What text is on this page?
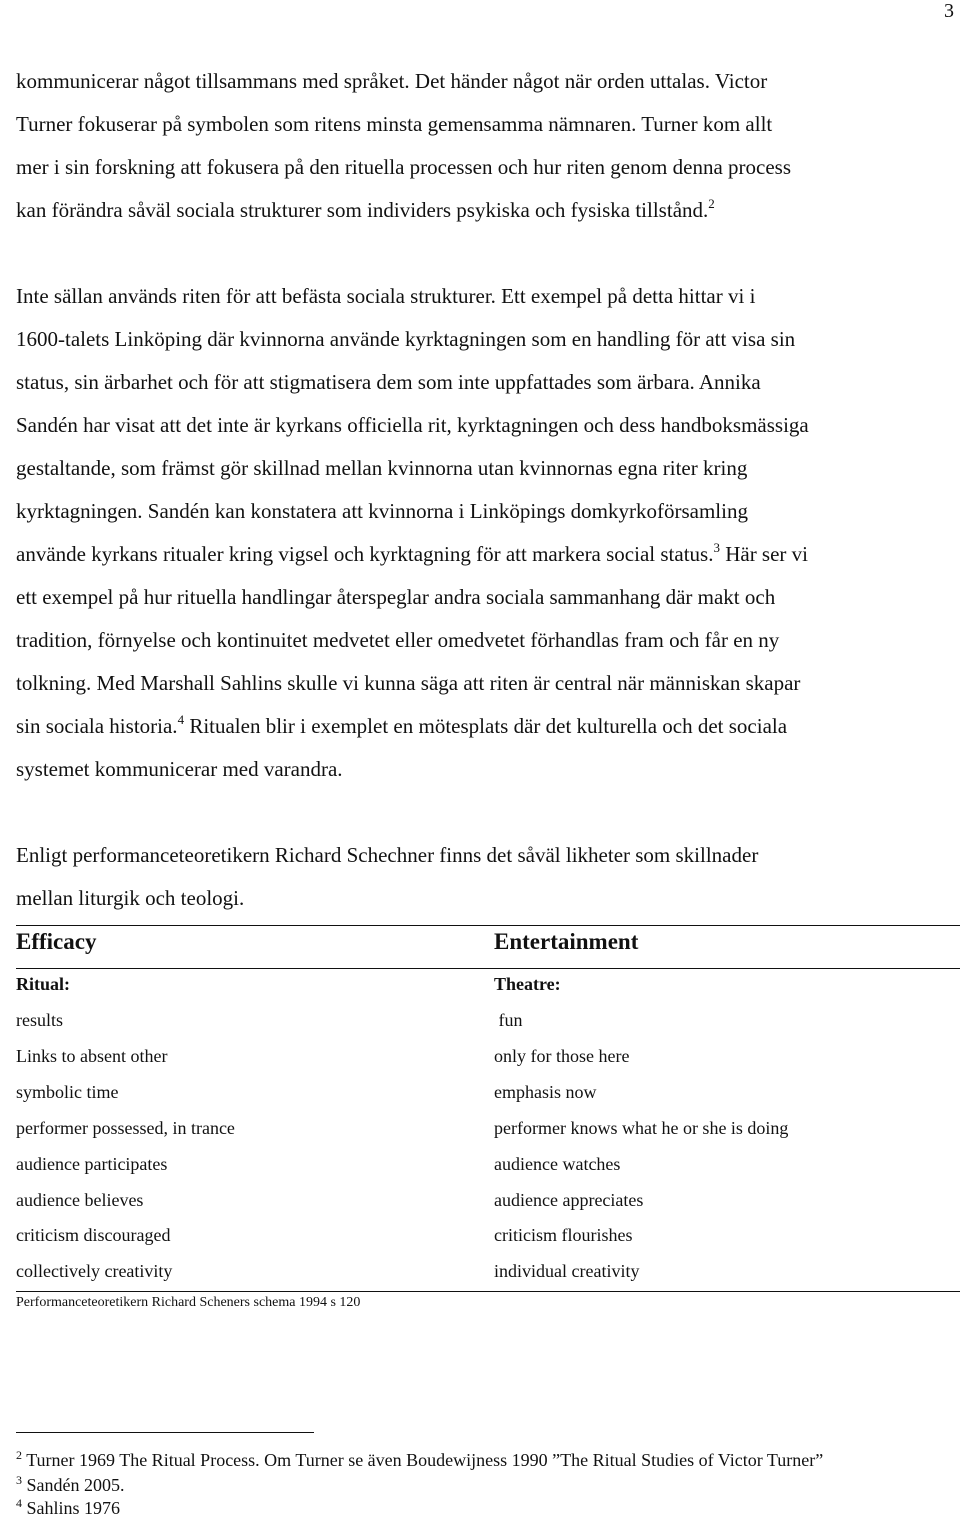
3

kommunicerar något tillsammans med språket. Det händer något när orden uttalas. Victor
Turner fokuserar på symbolen som ritens minsta gemensamma nämnaren. Turner kom allt
mer i sin forskning att fokusera på den rituella processen och hur riten genom denna process
kan förändra såväl sociala strukturer som individers psykiska och fysiska tillstånd.$^2$

Inte sällan används riten för att befästa sociala strukturer. Ett exempel på detta hittar vi i
1600-talets Linköping där kvinnorna använde kyrktagningen som en handling för att visa sin
status, sin ärbarhet och för att stigmatisera dem som inte uppfattades som ärbara. Annika
Sandén har visat att det inte är kyrkans officiella rit, kyrktagningen och dess handboksmässiga
gestaltande, som främst gör skillnad mellan kvinnorna utan kvinnornas egna riter kring
kyrktagningen. Sandén kan konstatera att kvinnorna i Linköpings domkyrkoförsamling
använde kyrkans ritualer kring vigsel och kyrktagning för att markera social status.$^3$ Här ser vi
ett exempel på hur rituella handlingar återspeglar andra sociala sammanhang där makt och
tradition, förnyelse och kontinuitet medvetet eller omedvetet förhandlas fram och får en ny
tolkning. Med Marshall Sahlins skulle vi kunna säga att riten är central när människan skapar
sin sociala historia.$^4$ Ritualen blir i exemplet en mötesplats där det kulturella och det sociala
systemet kommunicerar med varandra.

Enligt performanceteoretikern Richard Schechner finns det såväl likheter som skillnader
mellan liturgik och teologi.

Efficacy	Entertainment
Ritual:	Theatre:
results	fun
Links to absent other	only for those here
symbolic time	emphasis now
performer possessed, in trance	performer knows what he or she is doing
audience participates	audience watches
audience believes	audience appreciates
criticism discouraged	criticism flourishes
collectively creativity	individual creativity
Performanceteoretikern Richard Scheners schema 1994 s 120
$^2$ Turner 1969 The Ritual Process. Om Turner se även Boudewijness 1990 ”The Ritual Studies of Victor Turner”
$^3$ Sandén 2005.
$^4$ Sahlins 1976
